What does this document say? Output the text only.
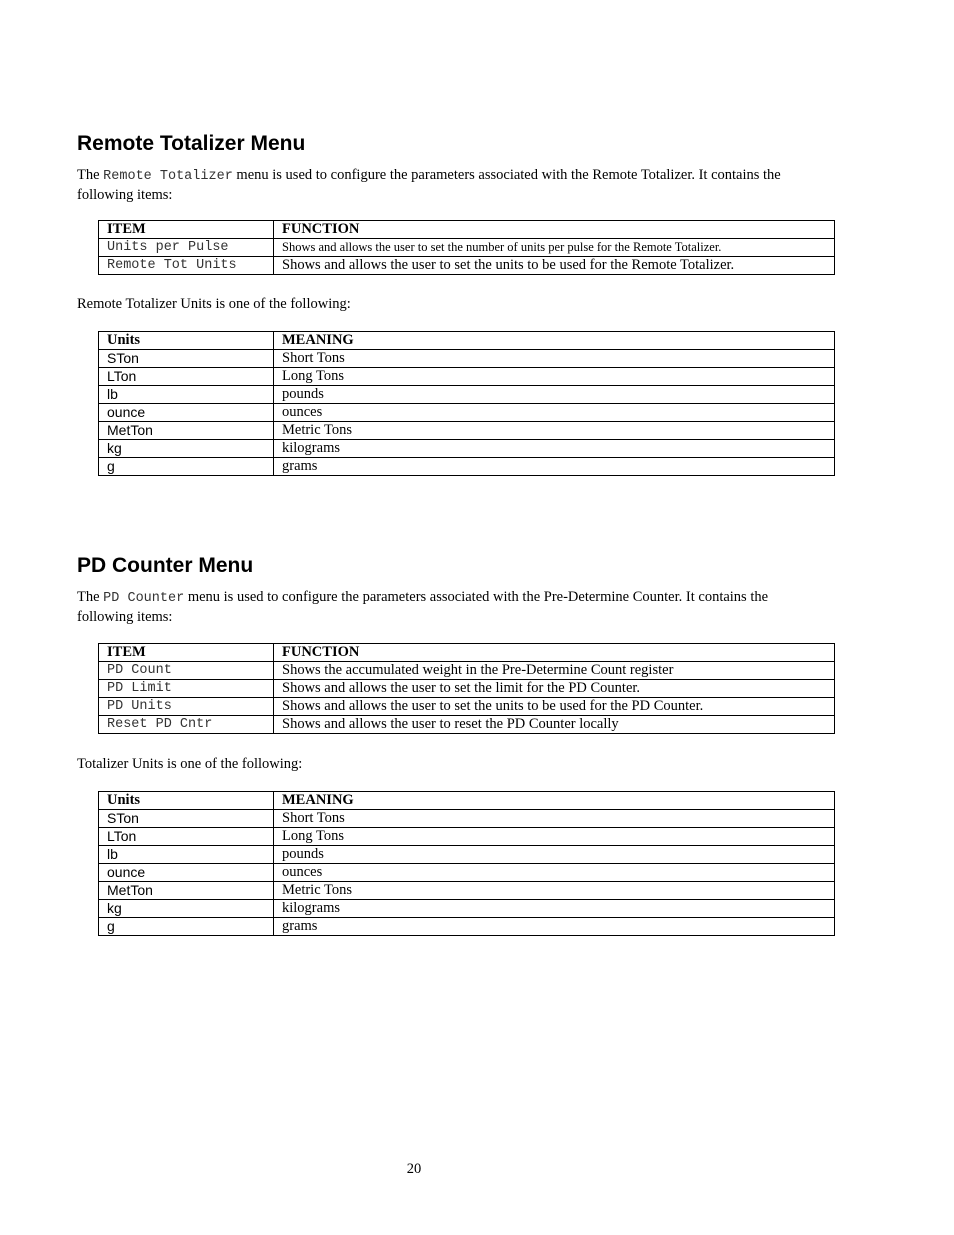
Remote Totalizer Menu
The Remote Totalizer menu is used to configure the parameters associated with the Remote Totalizer. It contains the
following items:
ITEM	FUNCTION
Units per Pulse	Shows and allows the user to set the number of units per pulse for the Remote Totalizer.
Remote Tot Units	Shows and allows the user to set the units to be used for the Remote Totalizer.
Remote Totalizer Units is one of the following:
Units	MEANING
STon	Short Tons
LTon	Long Tons
lb	pounds
ounce	ounces
MetTon	Metric Tons
kg	kilograms
g	grams
PD Counter Menu
The PD Counter menu is used to configure the parameters associated with the Pre-Determine Counter. It contains the
following items:
ITEM	FUNCTION
PD Count	Shows the accumulated weight in the Pre-Determine Count register
PD Limit	Shows and allows the user to set the limit for the PD Counter.
PD Units	Shows and allows the user to set the units to be used for the PD Counter.
Reset PD Cntr	Shows and allows the user to reset the PD Counter locally
Totalizer Units is one of the following:
Units	MEANING
STon	Short Tons
LTon	Long Tons
lb	pounds
ounce	ounces
MetTon	Metric Tons
kg	kilograms
g	grams
20
